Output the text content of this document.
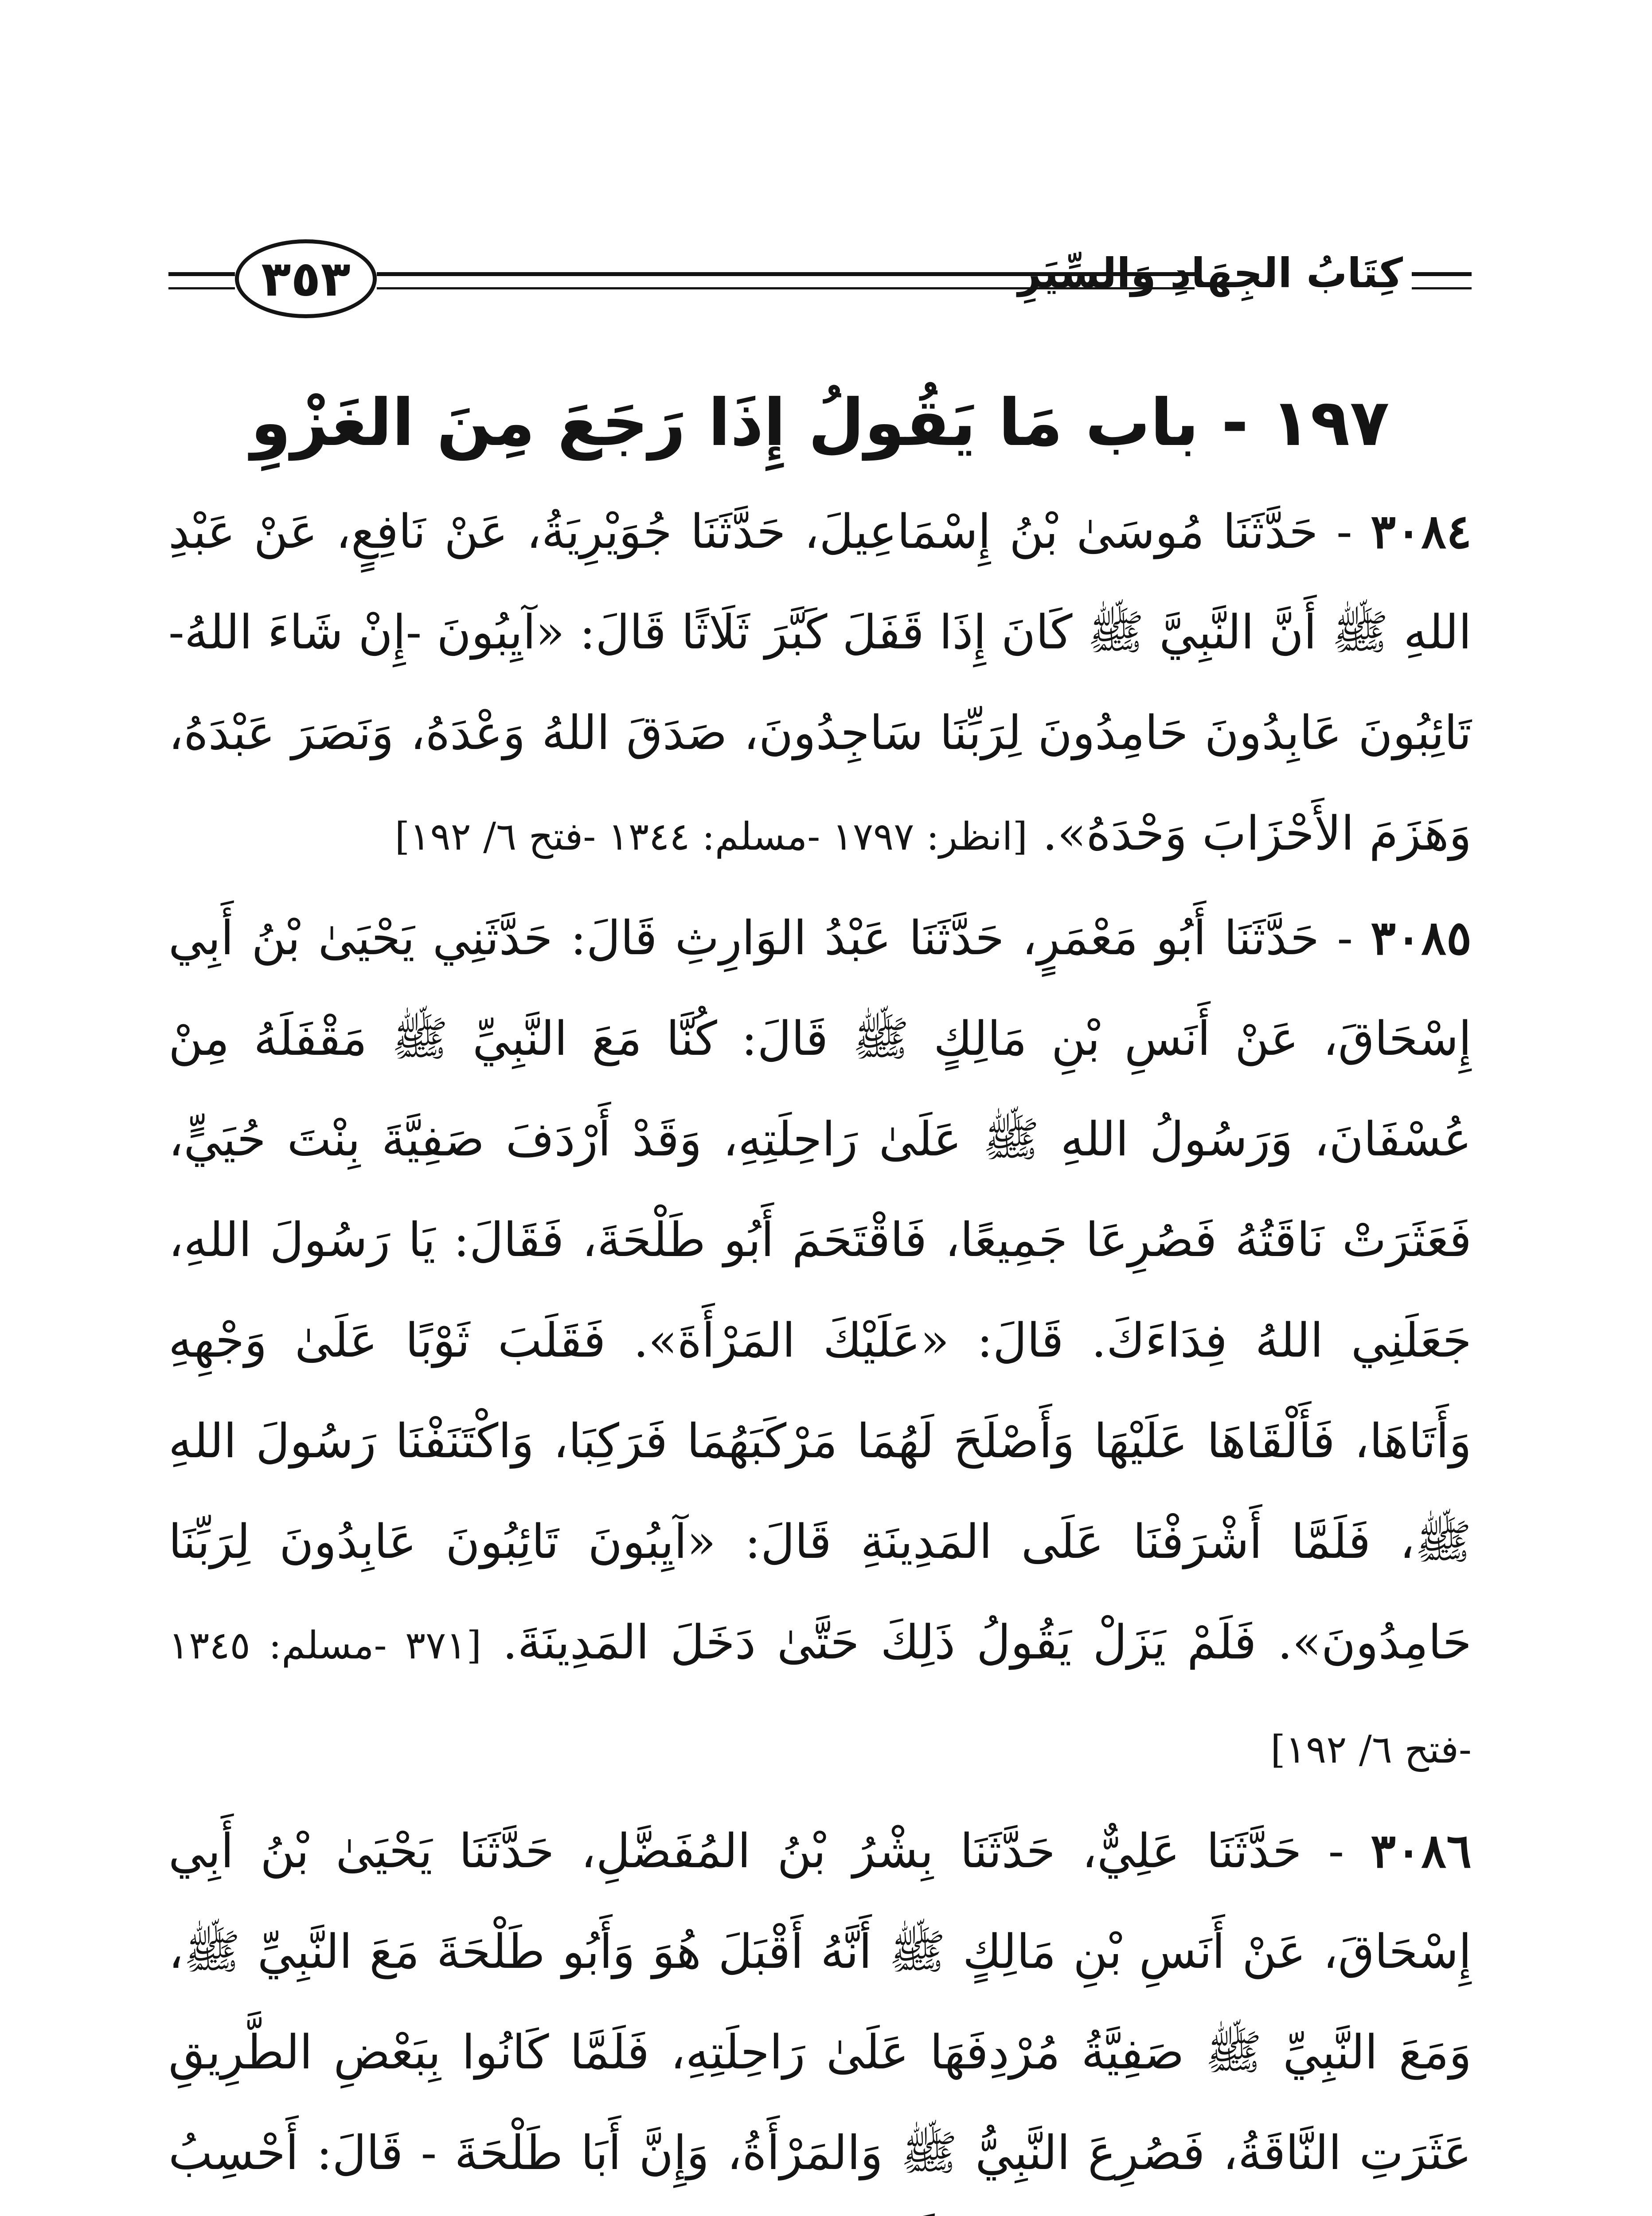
٣٥٣	كِتَابُ الجِهَادِ وَالسِّيَرِ
١٩٧ - باب مَا يَقُولُ إِذَا رَجَعَ مِنَ الغَزْوِ

٣٠٨٤ - حَدَّثَنَا مُوسَىٰ بْنُ إِسْمَاعِيلَ، حَدَّثَنَا جُوَيْرِيَةُ، عَنْ نَافِعٍ، عَنْ عَبْدِ اللهِ ﷺ أَنَّ النَّبِيَّ ﷺ كَانَ إِذَا قَفَلَ كَبَّرَ ثَلَاثًا قَالَ: «آيِبُونَ -إِنْ شَاءَ اللهُ- تَائِبُونَ عَابِدُونَ حَامِدُونَ لِرَبِّنَا سَاجِدُونَ، صَدَقَ اللهُ وَعْدَهُ، وَنَصَرَ عَبْدَهُ، وَهَزَمَ الأَحْزَابَ وَحْدَهُ». [انظر: ١٧٩٧ -مسلم: ١٣٤٤ -فتح ٦/ ١٩٢]

٣٠٨٥ - حَدَّثَنَا أَبُو مَعْمَرٍ، حَدَّثَنَا عَبْدُ الوَارِثِ قَالَ: حَدَّثَنِي يَحْيَىٰ بْنُ أَبِي إِسْحَاقَ، عَنْ أَنَسِ بْنِ مَالِكٍ ﷺ قَالَ: كُنَّا مَعَ النَّبِيِّ ﷺ مَقْفَلَهُ مِنْ عُسْفَانَ، وَرَسُولُ اللهِ ﷺ عَلَىٰ رَاحِلَتِهِ، وَقَدْ أَرْدَفَ صَفِيَّةَ بِنْتَ حُيَيٍّ، فَعَثَرَتْ نَاقَتُهُ فَصُرِعَا جَمِيعًا، فَاقْتَحَمَ أَبُو طَلْحَةَ، فَقَالَ: يَا رَسُولَ اللهِ، جَعَلَنِي اللهُ فِدَاءَكَ. قَالَ: «عَلَيْكَ المَرْأَةَ». فَقَلَبَ ثَوْبًا عَلَىٰ وَجْهِهِ وَأَتَاهَا، فَأَلْقَاهَا عَلَيْهَا وَأَصْلَحَ لَهُمَا مَرْكَبَهُمَا فَرَكِبَا، وَاكْتَنَفْنَا رَسُولَ اللهِ ﷺ، فَلَمَّا أَشْرَفْنَا عَلَى المَدِينَةِ قَالَ: «آيِبُونَ تَائِبُونَ عَابِدُونَ لِرَبِّنَا حَامِدُونَ». فَلَمْ يَزَلْ يَقُولُ ذَلِكَ حَتَّىٰ دَخَلَ المَدِينَةَ. [٣٧١ -مسلم: ١٣٤٥ -فتح ٦/ ١٩٢]

٣٠٨٦ - حَدَّثَنَا عَلِيٌّ، حَدَّثَنَا بِشْرُ بْنُ المُفَضَّلِ، حَدَّثَنَا يَحْيَىٰ بْنُ أَبِي إِسْحَاقَ، عَنْ أَنَسِ بْنِ مَالِكٍ ﷺ أَنَّهُ أَقْبَلَ هُوَ وَأَبُو طَلْحَةَ مَعَ النَّبِيِّ ﷺ، وَمَعَ النَّبِيِّ ﷺ صَفِيَّةُ مُرْدِفَهَا عَلَىٰ رَاحِلَتِهِ، فَلَمَّا كَانُوا بِبَعْضِ الطَّرِيقِ عَثَرَتِ النَّاقَةُ، فَصُرِعَ النَّبِيُّ ﷺ وَالمَرْأَةُ، وَإِنَّ أَبَا طَلْحَةَ - قَالَ: أَحْسِبُ
